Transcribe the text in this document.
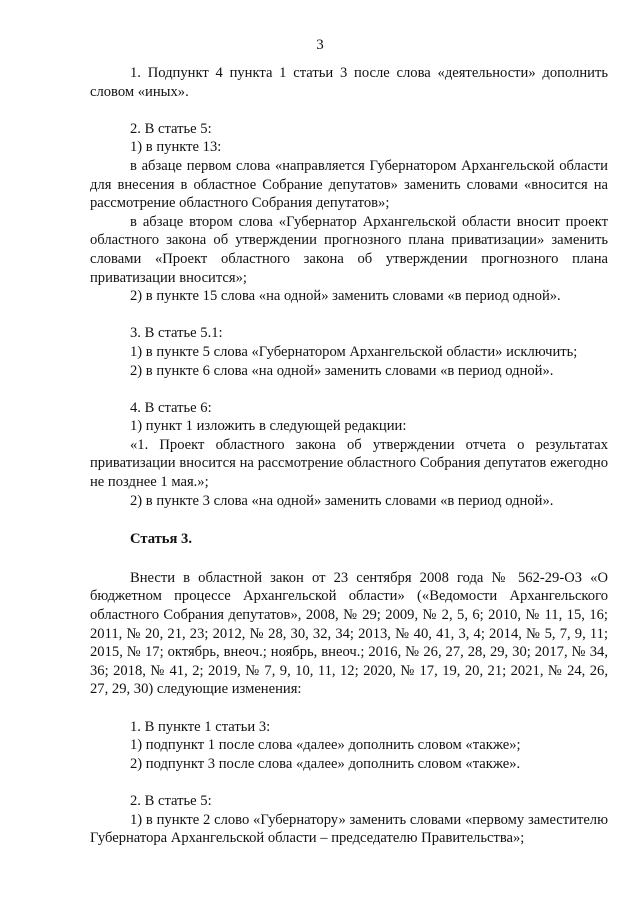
3

1. Подпункт 4 пункта 1 статьи 3 после слова «деятельности» дополнить словом «иных».

2. В статье 5:

1) в пункте 13:

в абзаце первом слова «направляется Губернатором Архангельской области для внесения в областное Собрание депутатов» заменить словами «вносится на рассмотрение областного Собрания депутатов»;

в абзаце втором слова «Губернатор Архангельской области вносит проект областного закона об утверждении прогнозного плана приватизации» заменить словами «Проект областного закона об утверждении прогнозного плана приватизации вносится»;

2) в пункте 15 слова «на одной» заменить словами «в период одной».

3. В статье 5.1:

1) в пункте 5 слова «Губернатором Архангельской области» исключить;

2) в пункте 6 слова «на одной» заменить словами «в период одной».

4. В статье 6:

1) пункт 1 изложить в следующей редакции:

«1. Проект областного закона об утверждении отчета о результатах приватизации вносится на рассмотрение областного Собрания депутатов ежегодно не позднее 1 мая.»;

2) в пункте 3 слова «на одной» заменить словами «в период одной».

Статья 3.

Внести в областной закон от 23 сентября 2008 года № 562-29-ОЗ «О бюджетном процессе Архангельской области» («Ведомости Архангельского областного Собрания депутатов», 2008, № 29; 2009, № 2, 5, 6; 2010, № 11, 15, 16; 2011, № 20, 21, 23; 2012, № 28, 30, 32, 34; 2013, № 40, 41, 3, 4; 2014, № 5, 7, 9, 11; 2015, № 17; октябрь, внеоч.; ноябрь, внеоч.; 2016, № 26, 27, 28, 29, 30; 2017, № 34, 36; 2018, № 41, 2; 2019, № 7, 9, 10, 11, 12; 2020, № 17, 19, 20, 21; 2021, № 24, 26, 27, 29, 30) следующие изменения:

1. В пункте 1 статьи 3:

1) подпункт 1 после слова «далее» дополнить словом «также»;

2) подпункт 3 после слова «далее» дополнить словом «также».

2. В статье 5:

1) в пункте 2 слово «Губернатору» заменить словами «первому заместителю Губернатора Архангельской области – председателю Правительства»;
